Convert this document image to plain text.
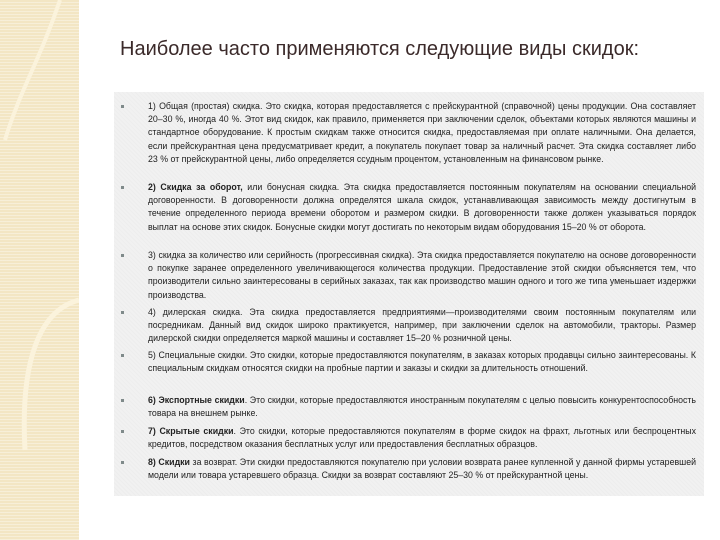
Наиболее часто применяются следующие виды скидок:
1) Общая (простая) скидка. Это скидка, которая предоставляется с прейскурантной (справочной) цены продукции. Она составляет 20–30 %, иногда 40 %. Этот вид скидок, как правило, применяется при заключении сделок, объектами которых являются машины и стандартное оборудование. К простым скидкам также относится скидка, предоставляемая при оплате наличными. Она делается, если прейскурантная цена предусматривает кредит, а покупатель покупает товар за наличный расчет. Эта скидка составляет либо 23 % от прейскурантной цены, либо определяется ссудным процентом, установленным на финансовом рынке.
2) Скидка за оборот, или бонусная скидка. Эта скидка предоставляется постоянным покупателям на основании специальной договоренности. В договоренности должна определятся шкала скидок, устанавливающая зависимость между достигнутым в течение определенного периода времени оборотом и размером скидки. В договоренности также должен указываться порядок выплат на основе этих скидок. Бонусные скидки могут достигать по некоторым видам оборудования 15–20 % от оборота.
3) скидка за количество или серийность (прогрессивная скидка). Эта скидка предоставляется покупателю на основе договоренности о покупке заранее определенного увеличивающегося количества продукции. Предоставление этой скидки объясняется тем, что производители сильно заинтересованы в серийных заказах, так как производство машин одного и того же типа уменьшает издержки производства.
4) дилерская скидка. Эта скидка предоставляется предприятиями—производителями своим постоянным покупателям или посредникам. Данный вид скидок широко практикуется, например, при заключении сделок на автомобили, тракторы. Размер дилерской скидки определяется маркой машины и составляет 15–20 % розничной цены.
5) Специальные скидки. Это скидки, которые предоставляются покупателям, в заказах которых продавцы сильно заинтересованы. К специальным скидкам относятся скидки на пробные партии и заказы и скидки за длительность отношений.
6) Экспортные скидки. Это скидки, которые предоставляются иностранным покупателям с целью повысить конкурентоспособность товара на внешнем рынке.
7) Скрытые скидки. Это скидки, которые предоставляются покупателям в форме скидок на фрахт, льготных или беспроцентных кредитов, посредством оказания бесплатных услуг или предоставления бесплатных образцов.
8) Скидки за возврат. Эти скидки предоставляются покупателю при условии возврата ранее купленной у данной фирмы устаревшей модели или товара устаревшего образца. Скидки за возврат составляют 25–30 % от прейскурантной цены.
